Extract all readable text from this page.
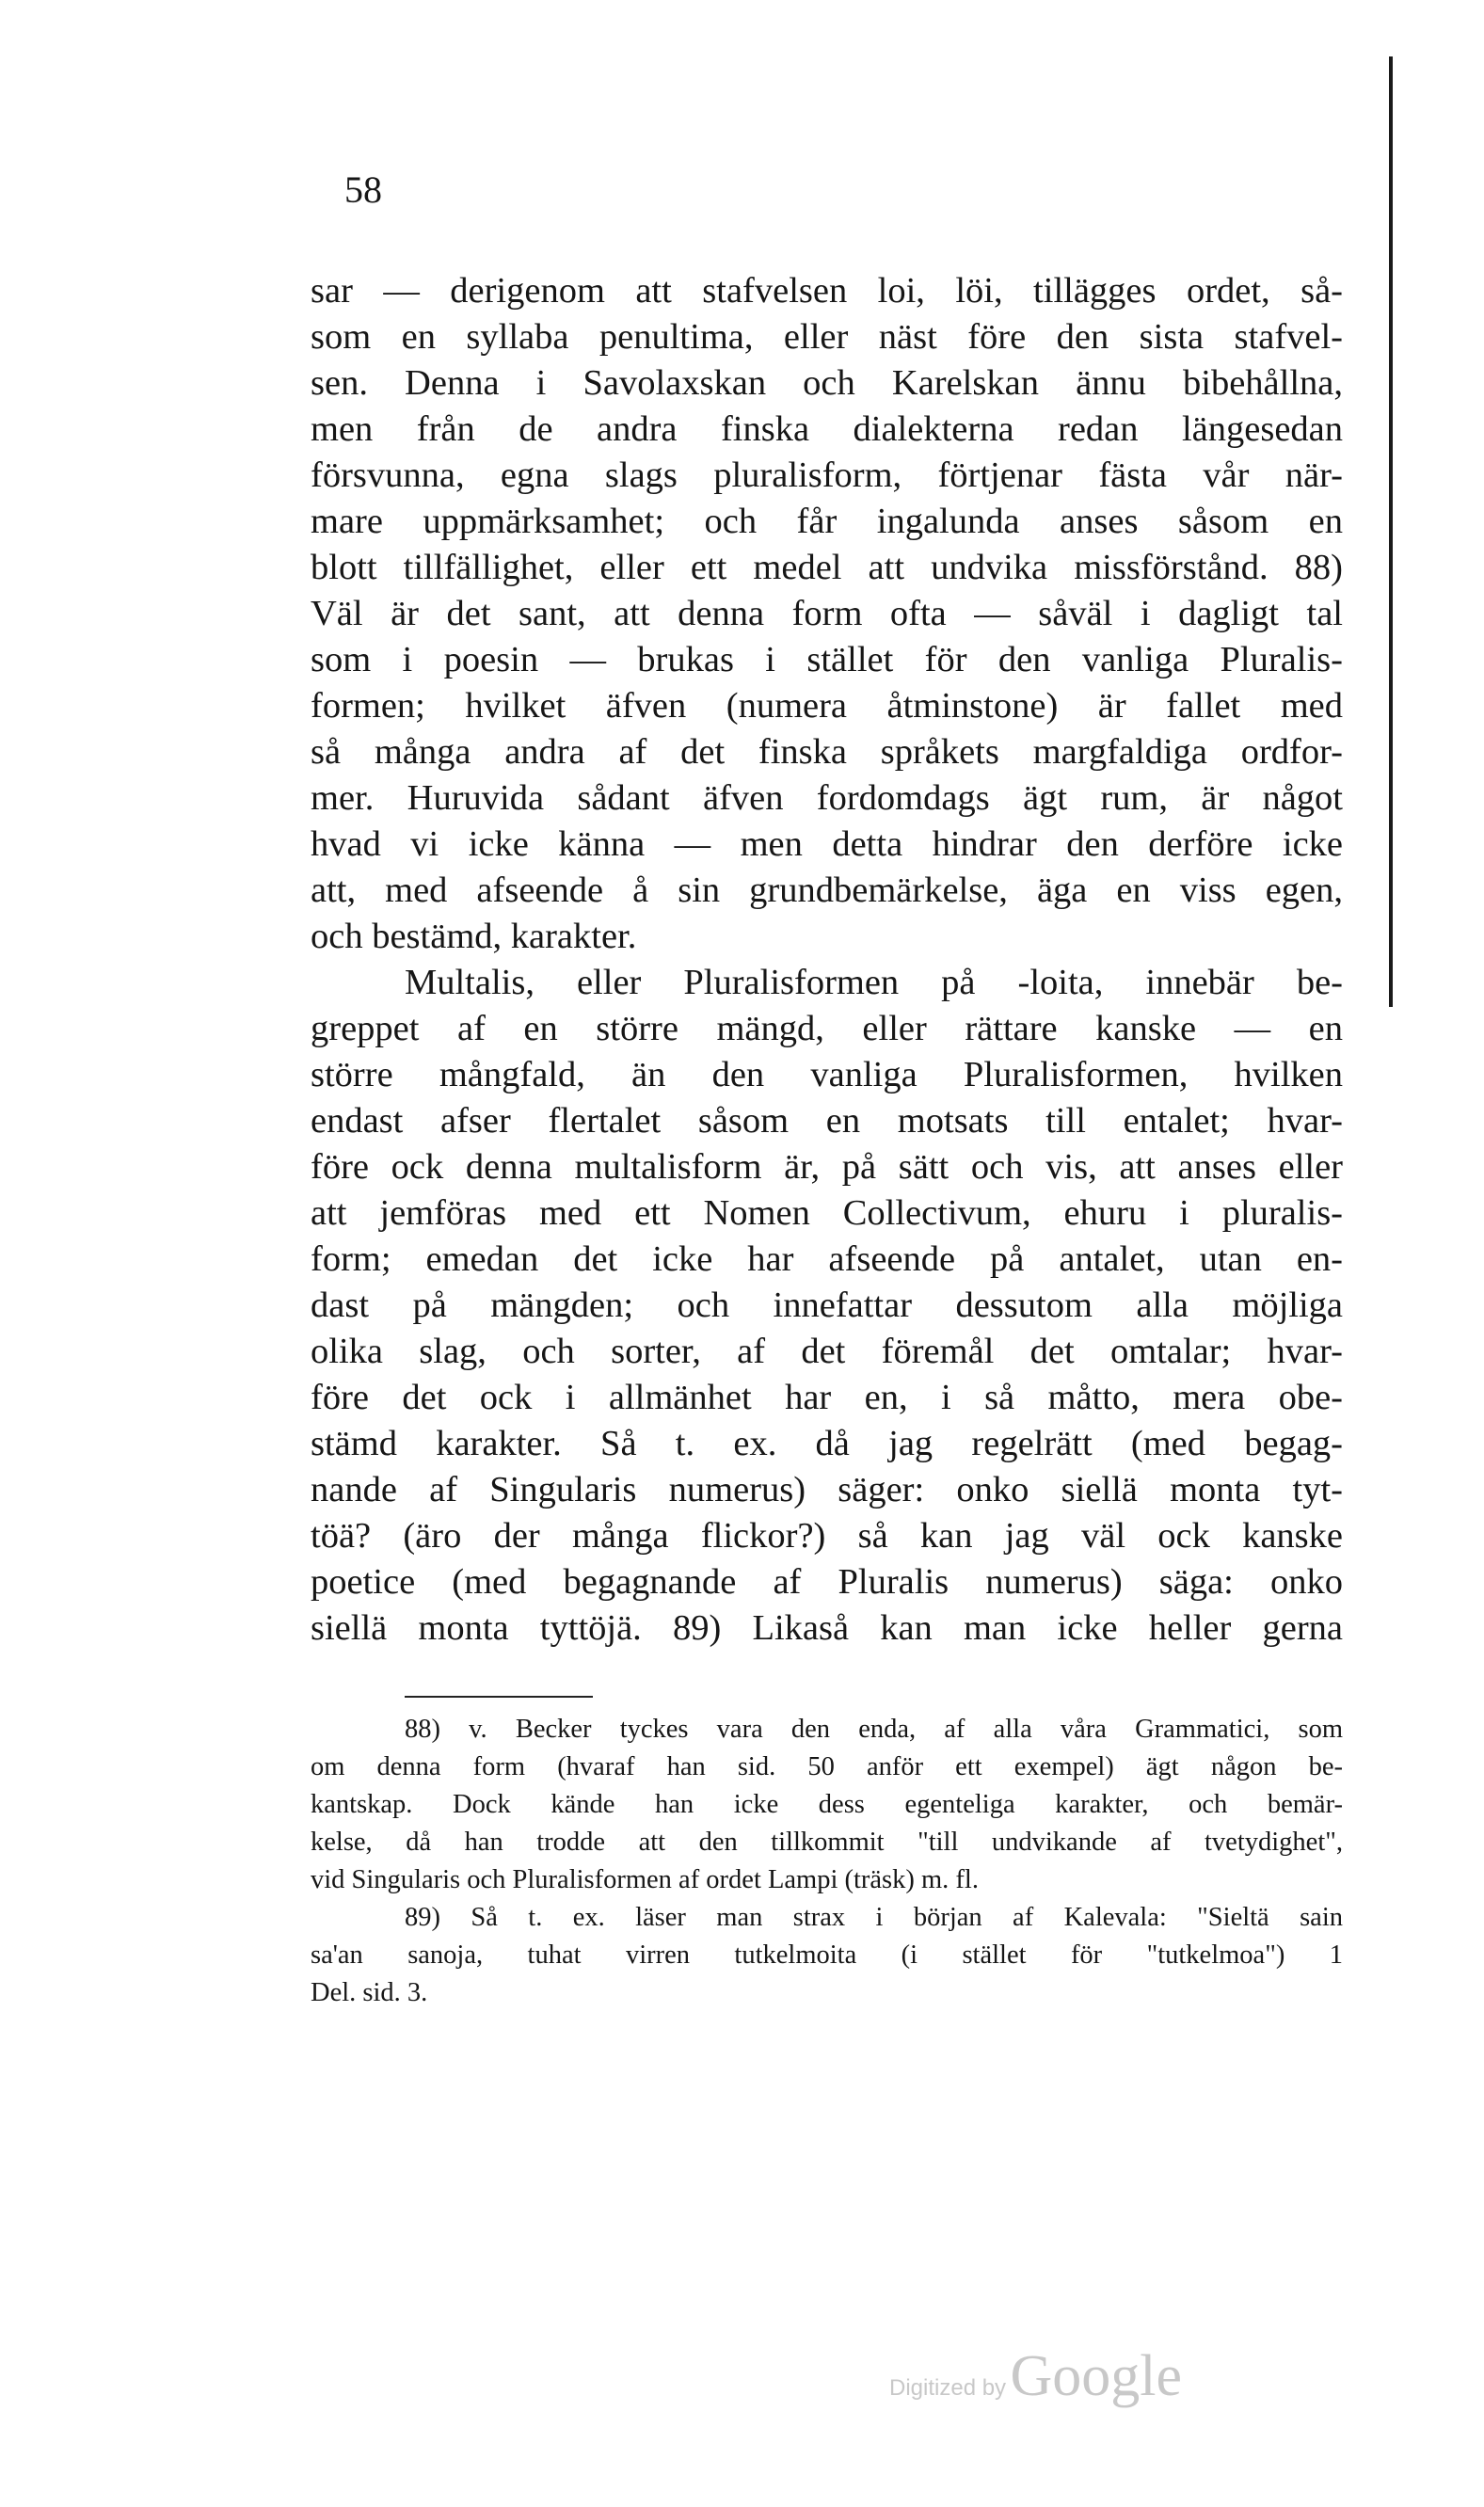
58
sar — derigenom att stafvelsen loi, löi, tillägges ordet, så-
som en syllaba penultima, eller näst före den sista stafvel-
sen. Denna i Savolaxskan och Karelskan ännu bibehållna,
men från de andra finska dialekterna redan längesedan
försvunna, egna slags pluralisform, förtjenar fästa vår när-
mare uppmärksamhet; och får ingalunda anses såsom en
blott tillfällighet, eller ett medel att undvika missförstånd. 88)
Väl är det sant, att denna form ofta — såväl i dagligt tal
som i poesin — brukas i stället för den vanliga Pluralis-
formen; hvilket äfven (numera åtminstone) är fallet med
så många andra af det finska språkets margfaldiga ordfor-
mer. Huruvida sådant äfven fordomdags ägt rum, är något
hvad vi icke känna — men detta hindrar den derföre icke
att, med afseende å sin grundbemärkelse, äga en viss egen,
och bestämd, karakter.
Multalis, eller Pluralisformen på -loita, innebär be-
greppet af en större mängd, eller rättare kanske — en
större mångfald, än den vanliga Pluralisformen, hvilken
endast afser flertalet såsom en motsats till entalet; hvar-
före ock denna multalisform är, på sätt och vis, att anses eller
att jemföras med ett Nomen Collectivum, ehuru i pluralis-
form; emedan det icke har afseende på antalet, utan en-
dast på mängden; och innefattar dessutom alla möjliga
olika slag, och sorter, af det föremål det omtalar; hvar-
före det ock i allmänhet har en, i så måtto, mera obe-
stämd karakter. Så t. ex. då jag regelrätt (med begag-
nande af Singularis numerus) säger: onko siellä monta tyt-
töä? (äro der många flickor?) så kan jag väl ock kanske
poetice (med begagnande af Pluralis numerus) säga: onko
siellä monta tyttöjä. 89) Likaså kan man icke heller gerna
88) v. Becker tyckes vara den enda, af alla våra Grammatici, som
om denna form (hvaraf han sid. 50 anför ett exempel) ägt någon be-
kantskap. Dock kände han icke dess egenteliga karakter, och bemär-
kelse, då han trodde att den tillkommit "till undvikande af tvetydighet",
vid Singularis och Pluralisformen af ordet Lampi (träsk) m. fl.
89) Så t. ex. läser man strax i början af Kalevala: "Sieltä sain
sa'an sanoja, tuhat virren tutkelmoita (i stället för "tutkelmoa") 1
Del. sid. 3.
Digitized by Google
